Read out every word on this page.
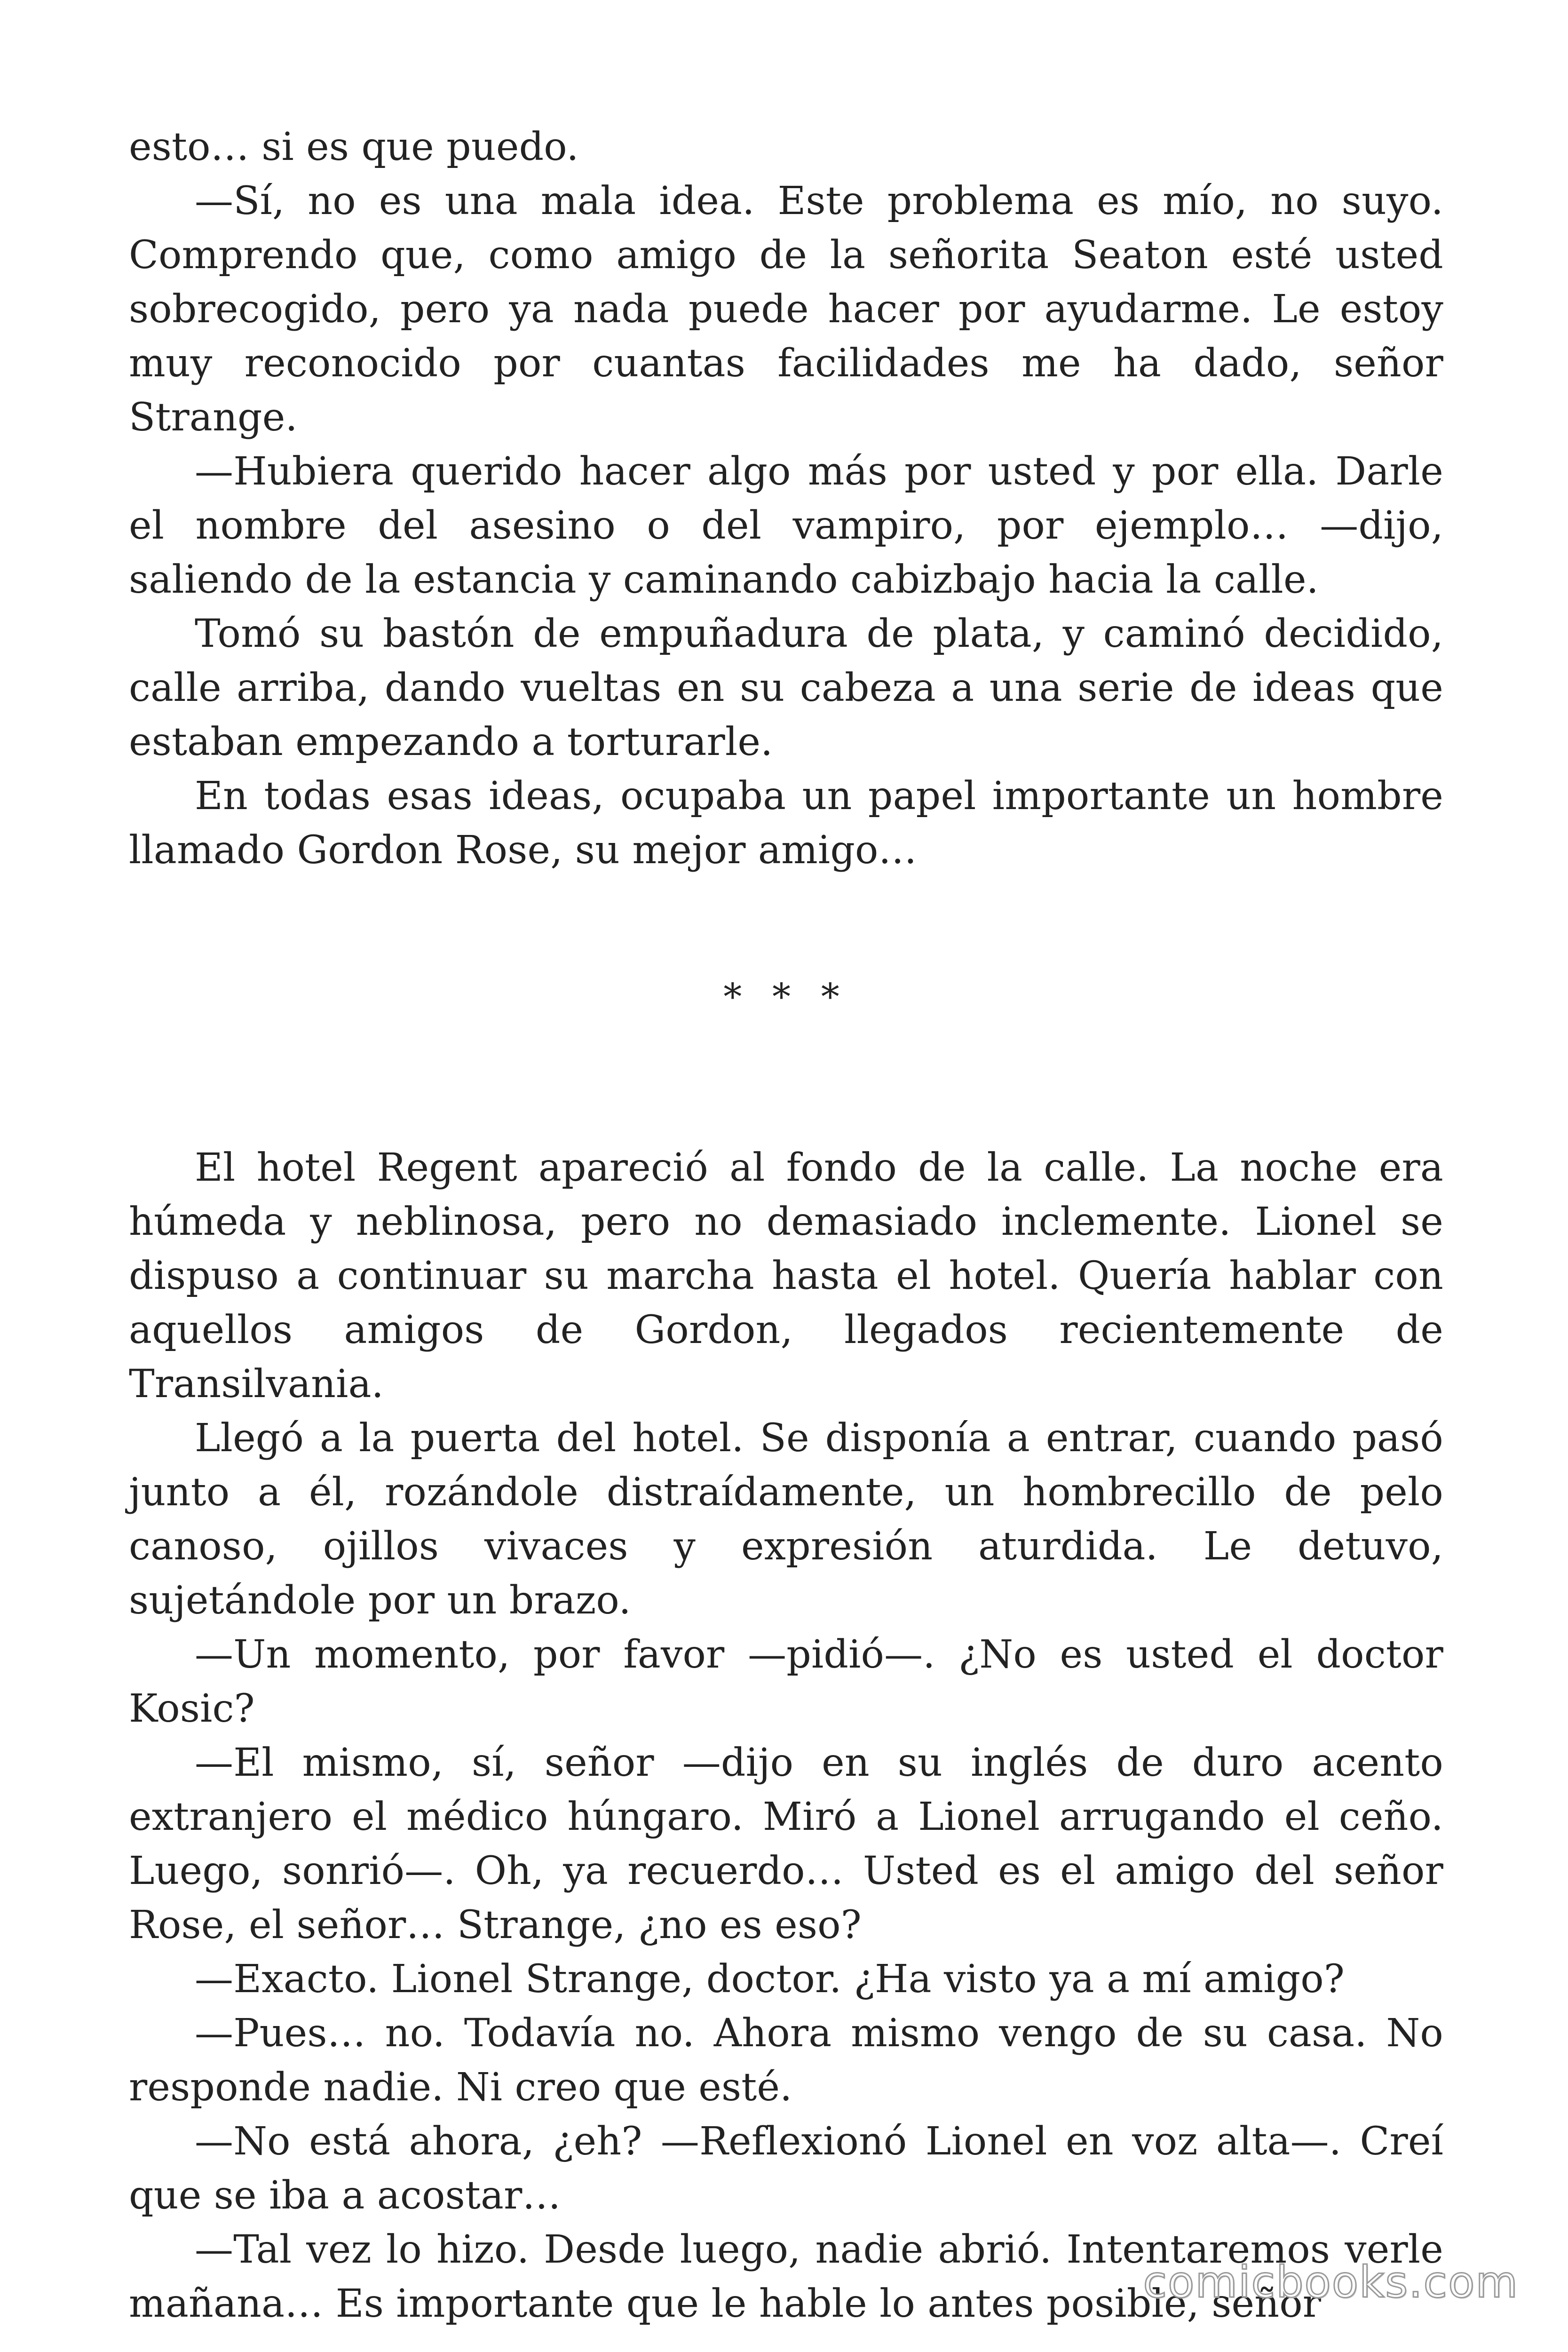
esto… si es que puedo.

—Sí, no es una mala idea. Este problema es mío, no suyo. Comprendo que, como amigo de la señorita Seaton esté usted sobrecogido, pero ya nada puede hacer por ayudarme. Le estoy muy reconocido por cuantas facilidades me ha dado, señor Strange.

—Hubiera querido hacer algo más por usted y por ella. Darle el nombre del asesino o del vampiro, por ejemplo… —dijo, saliendo de la estancia y caminando cabizbajo hacia la calle.

Tomó su bastón de empuñadura de plata, y caminó decidido, calle arriba, dando vueltas en su cabeza a una serie de ideas que estaban empezando a torturarle.

En todas esas ideas, ocupaba un papel importante un hombre llamado Gordon Rose, su mejor amigo…

* * *

El hotel Regent apareció al fondo de la calle. La noche era húmeda y neblinosa, pero no demasiado inclemente. Lionel se dispuso a continuar su marcha hasta el hotel. Quería hablar con aquellos amigos de Gordon, llegados recientemente de Transilvania.

Llegó a la puerta del hotel. Se disponía a entrar, cuando pasó junto a él, rozándole distraídamente, un hombrecillo de pelo canoso, ojillos vivaces y expresión aturdida. Le detuvo, sujetándole por un brazo.

—Un momento, por favor —pidió—. ¿No es usted el doctor Kosic?

—El mismo, sí, señor —dijo en su inglés de duro acento extranjero el médico húngaro. Miró a Lionel arrugando el ceño. Luego, sonrió—. Oh, ya recuerdo… Usted es el amigo del señor Rose, el señor… Strange, ¿no es eso?

—Exacto. Lionel Strange, doctor. ¿Ha visto ya a mí amigo?

—Pues… no. Todavía no. Ahora mismo vengo de su casa. No responde nadie. Ni creo que esté.

—No está ahora, ¿eh? —Reflexionó Lionel en voz alta—. Creí que se iba a acostar…

—Tal vez lo hizo. Desde luego, nadie abrió. Intentaremos verle mañana… Es importante que le hable lo antes posible, señor

comicbooks.com
